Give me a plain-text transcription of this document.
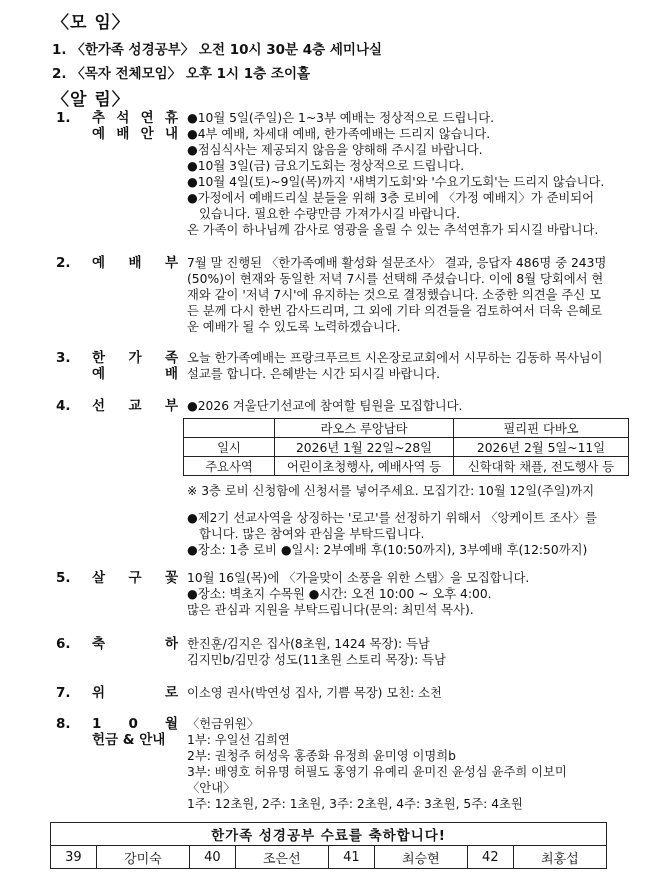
〈모 임〉
1. 〈한가족 성경공부〉 오전 10시 30분 4층 세미나실
2. 〈목자 전체모임〉 오후 1시 1층 조이홀
〈알 림〉
1. 추 석 연 휴
예 배 안 내

●10월 5일(주일)은 1~3부 예배는 정상적으로 드립니다.

●4부 예배, 차세대 예배, 한가족예배는 드리지 않습니다.

●점심식사는 제공되지 않음을 양해해 주시길 바랍니다.

●10월 3일(금) 금요기도회는 정상적으로 드립니다.

●10월 4일(토)~9일(목)까지 '새벽기도회'와 '수요기도회'는 드리지 않습니다.

●가정에서 예배드리실 분들을 위해 3층 로비에 〈가정 예배지〉가 준비되어 있습니다. 필요한 수량만큼 가져가시길 바랍니다.

온 가족이 하나님께 감사로 영광을 올릴 수 있는 추석연휴가 되시길 바랍니다.

2. 예 배 부 7월 말 진행된 〈한가족예배 활성화 설문조사〉 결과, 응답자 486명 중 243명(50%)이 현재와 동일한 저녁 7시를 선택해 주셨습니다. 이에 8월 당회에서 현재와 같이 '저녁 7시'에 유지하는 것으로 결정했습니다. 소중한 의견을 주신 모든 분께 다시 한번 감사드리며, 그 외에 기타 의견들을 검토하여서 더욱 은혜로운 예배가 될 수 있도록 노력하겠습니다.

3. 한 가 족
예	배

오늘 한가족예배는 프랑크푸르트 시온장로교회에서 시무하는 김동하 목사님이 설교를 합니다. 은혜받는 시간 되시길 바랍니다.

4. 선 교 부 ●2026 겨울단기선교에 참여할 팀원을 모집합니다.

	라오스 루앙남타	필리핀 다바오
일시	2026년 1월 22일~28일	2026년 2월 5일~11일
주요사역	어린이초청행사, 예배사역 등	신학대학 채플, 전도행사 등

※ 3층 로비 신청함에 신청서를 넣어주세요. 모집기간: 10월 12일(주일)까지

●제2기 선교사역을 상징하는 '로고'를 선정하기 위해서 〈앙케이트 조사〉를 합니다. 많은 참여와 관심을 부탁드립니다.

●장소: 1층 로비 ●일시: 2부예배 후(10:50까지), 3부예배 후(12:50까지)

5. 살 구 꽃 10월 16일(목)에 〈가을맞이 소풍을 위한 스탭〉을 모집합니다.

●장소: 벽초지 수목원 ●시간: 오전 10:00 ~ 오후 4:00.

많은 관심과 지원을 부탁드립니다(문의: 최민석 목사).

6. 축	하 한진훈/김지은 집사(8초원, 1424 목장): 득남

김지민b/김민강 성도(11초원 스토리 목장): 득남

7. 위	로 이소영 권사(박연성 집사, 기쁨 목장) 모친: 소천

8. 1 0 월
헌금 & 안내

〈헌금위원〉

1부: 우일선 김희연

2부: 권청주 허성욱 홍종화 유정희 윤미영 이명희b

3부: 배영호 허유명 허필도 홍영기 유예리 윤미진 윤성심 윤주희 이보미

〈안내〉

1주: 12초원, 2주: 1초원, 3주: 2초원, 4주: 3초원, 5주: 4초원

한가족 성경공부 수료를 축하합니다!
39	강미숙	40	조은선	41	최승현	42	최홍섭
